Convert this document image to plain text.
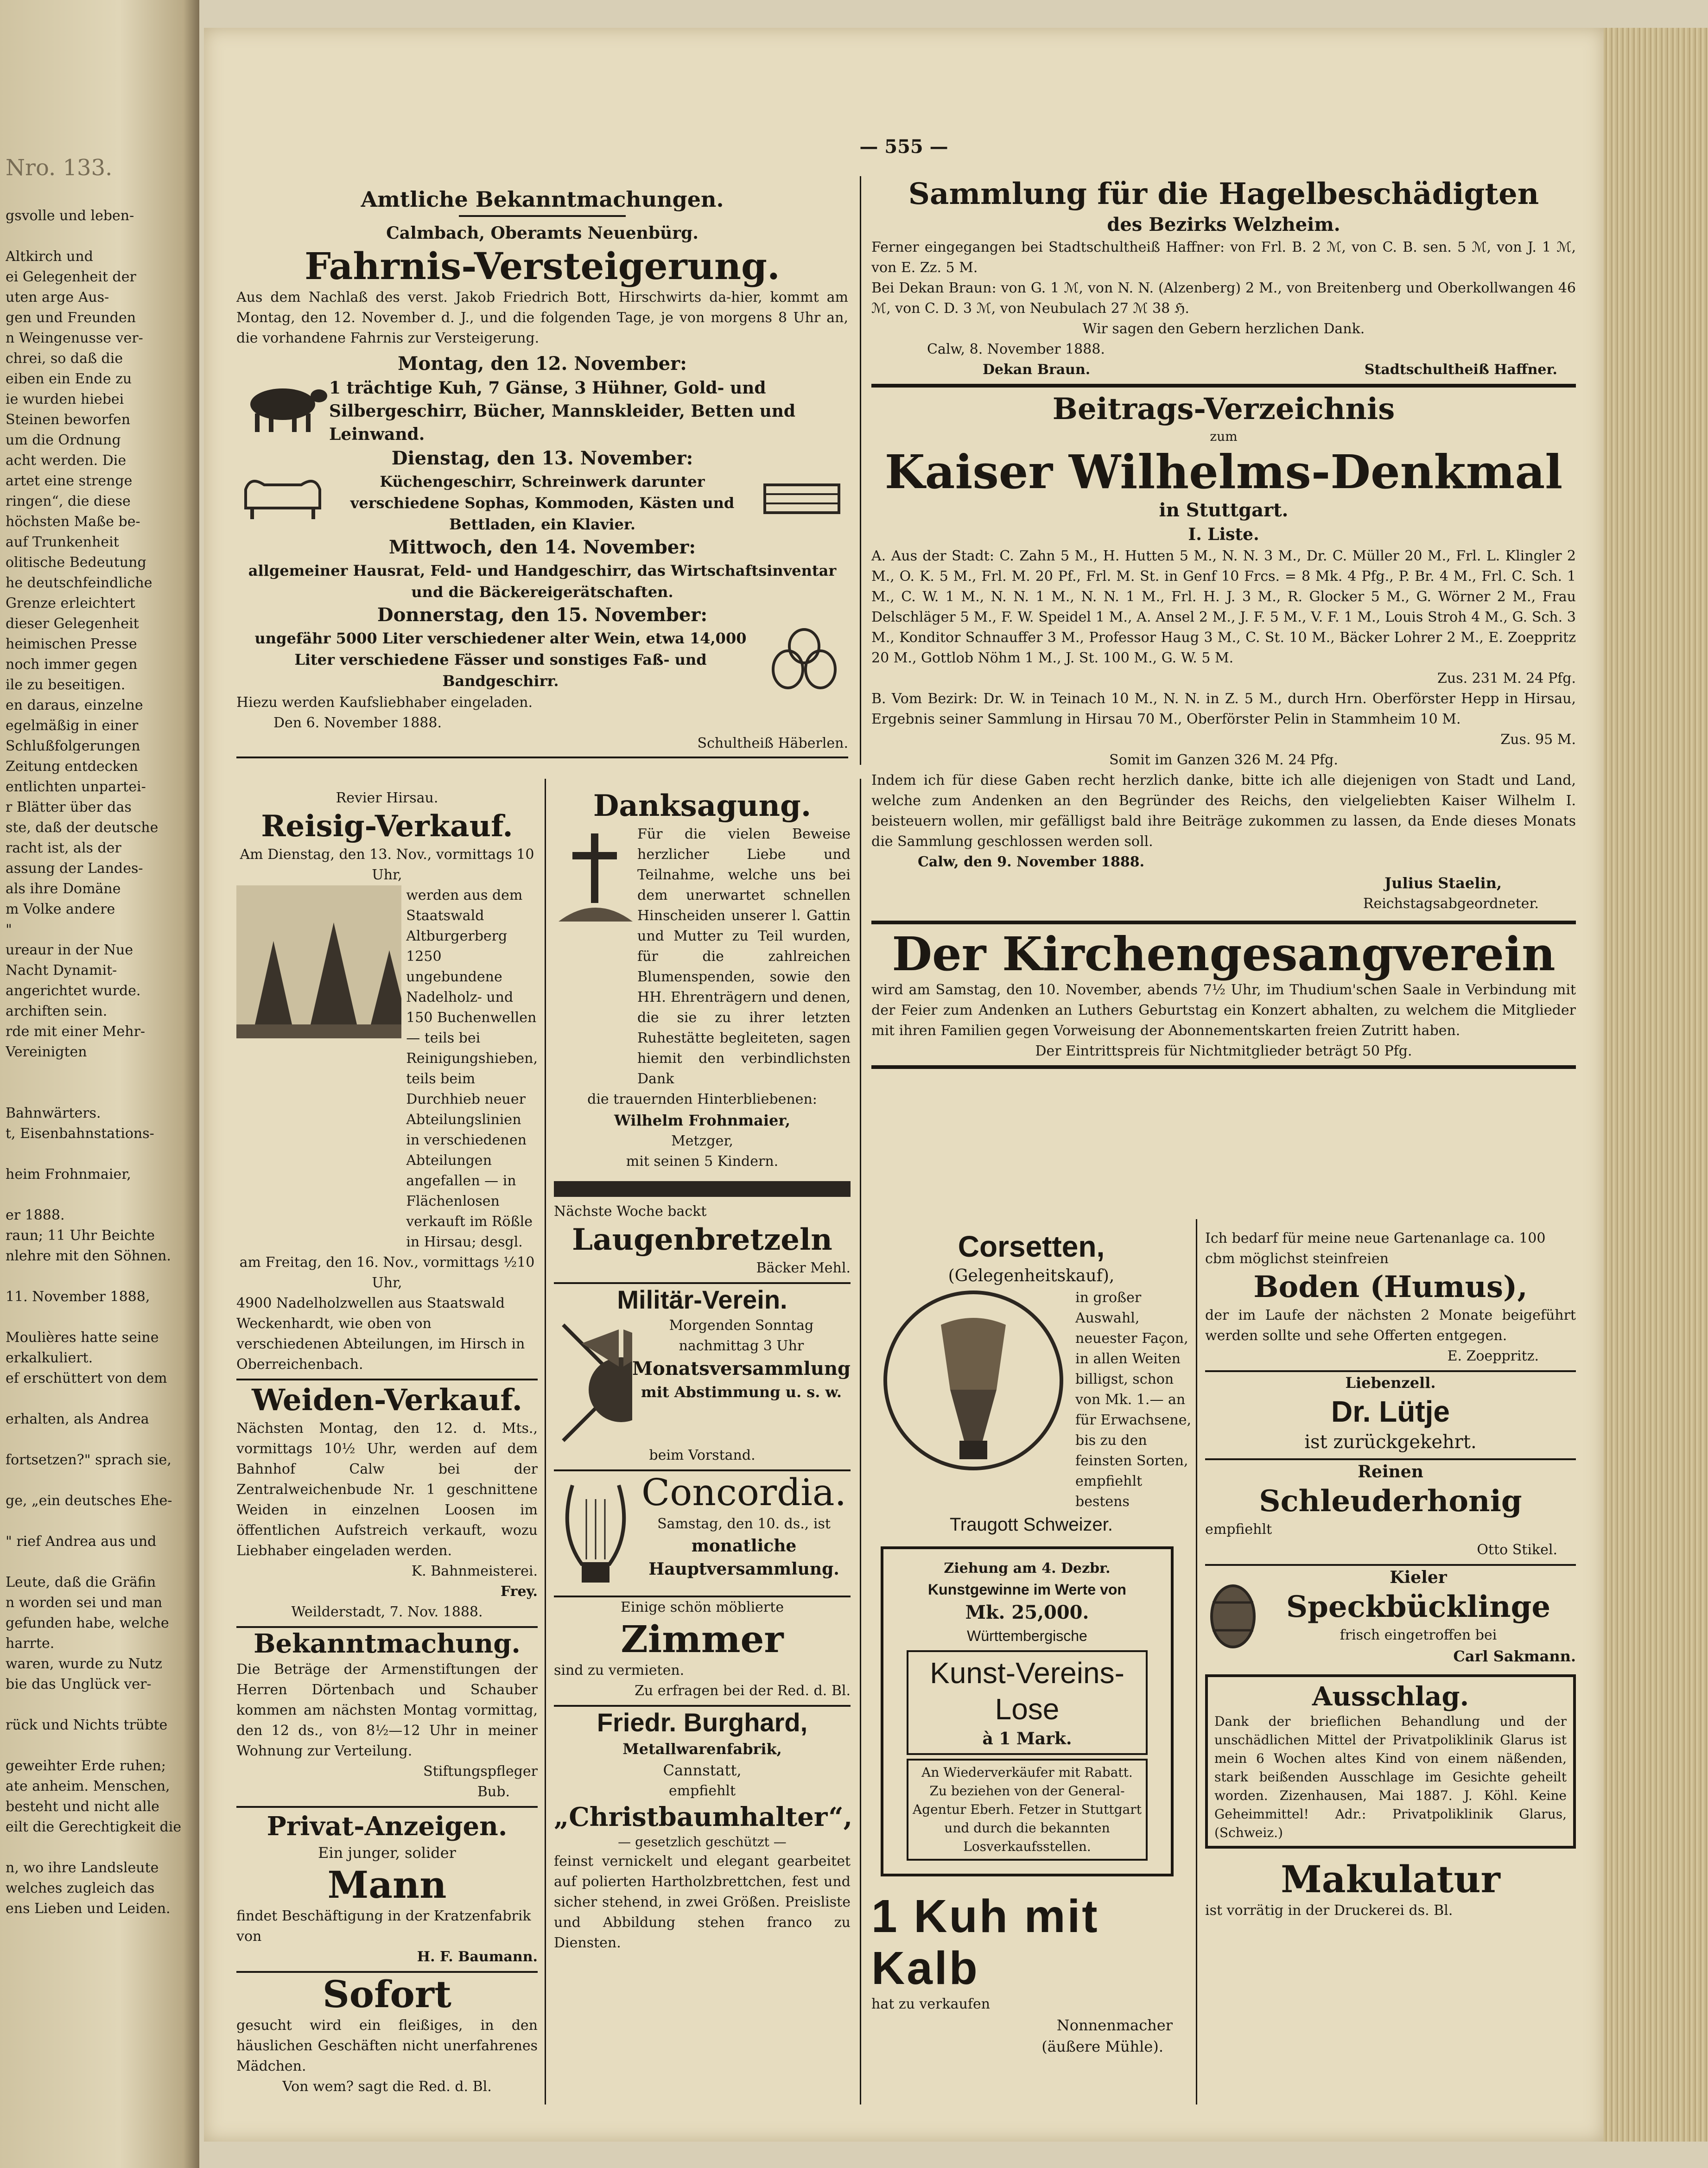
Nro. 133.

gsvolle und leben-

Altkirch und

ei Gelegenheit der

uten arge Aus-

gen und Freunden

n Weingenusse ver-

chrei, so daß die

eiben ein Ende zu

ie wurden hiebei

Steinen beworfen

um die Ordnung

acht werden. Die

artet eine strenge

ringen“, die diese

höchsten Maße be-

auf Trunkenheit

olitische Bedeutung

he deutschfeindliche

Grenze erleichtert

dieser Gelegenheit

heimischen Presse

noch immer gegen

ile zu beseitigen.

en daraus, einzelne

egelmäßig in einer

Schlußfolgerungen

Zeitung entdecken

entlichten unpartei-

r Blätter über das

ste, daß der deutsche

racht ist, als der

assung der Landes-

als ihre Domäne

m Volke andere

"

ureaur in der Nue

Nacht Dynamit-

angerichtet wurde.

archiften sein.

rde mit einer Mehr-

Vereinigten

Bahnwärters.

t, Eisenbahnstations-

heim Frohnmaier,

er 1888.

raun; 11 Uhr Beichte

nlehre mit den Söhnen.

11. November 1888,

Moulières hatte seine

erkalkuliert.

ef erschüttert von dem

erhalten, als Andrea

fortsetzen?" sprach sie,

ge, „ein deutsches Ehe-

" rief Andrea aus und

Leute, daß die Gräfin

n worden sei und man

gefunden habe, welche

harrte.

waren, wurde zu Nutz

bie das Unglück ver-

rück und Nichts trübte

geweihter Erde ruhen;

ate anheim. Menschen,

besteht und nicht alle

eilt die Gerechtigkeit die

n, wo ihre Landsleute

welches zugleich das

ens Lieben und Leiden.

— 555 —

Amtliche Bekanntmachungen.

Calmbach, Oberamts Neuenbürg.

Fahrnis-Versteigerung.

Aus dem Nachlaß des verst. Jakob Friedrich Bott, Hirschwirts da-hier, kommt am Montag, den 12. November d. J., und die folgenden Tage, je von morgens 8 Uhr an, die vorhandene Fahrnis zur Versteigerung.

Montag, den 12. November:

1 trächtige Kuh, 7 Gänse, 3 Hühner, Gold- und Silbergeschirr, Bücher, Mannskleider, Betten und Leinwand.

Dienstag, den 13. November:

Küchengeschirr, Schreinwerk darunter verschiedene Sophas, Kommoden, Kästen und Bettladen, ein Klavier.

Mittwoch, den 14. November:

allgemeiner Hausrat, Feld- und Handgeschirr, das Wirtschaftsinventar und die Bäckereigerätschaften.

Donnerstag, den 15. November:

ungefähr 5000 Liter verschiedener alter Wein, etwa 14,000 Liter verschiedene Fässer und sonstiges Faß- und Bandgeschirr.

Hiezu werden Kaufsliebhaber eingeladen.

Den 6. November 1888.

Schultheiß Häberlen.

Revier Hirsau.

Reisig-Verkauf.

Am Dienstag, den 13. Nov., vormittags 10 Uhr,

werden aus dem Staatswald Altburgerberg 1250 ungebundene Nadelholz- und 150 Buchenwellen — teils bei Reinigungshieben, teils beim Durchhieb neuer Abteilungslinien in verschiedenen Abteilungen angefallen — in Flächenlosen verkauft im Rößle in Hirsau; desgl.

am Freitag, den 16. Nov., vormittags ½10 Uhr,

4900 Nadelholzwellen aus Staatswald Weckenhardt, wie oben von verschiedenen Abteilungen, im Hirsch in Oberreichenbach.

Weiden-Verkauf.

Nächsten Montag, den 12. d. Mts., vormittags 10½ Uhr, werden auf dem Bahnhof Calw bei der Zentralweichenbude Nr. 1 geschnittene Weiden in einzelnen Loosen im öffentlichen Aufstreich verkauft, wozu Liebhaber eingeladen werden.

K. Bahnmeisterei.

Frey.

Weilderstadt, 7. Nov. 1888.

Bekanntmachung.

Die Beträge der Armenstiftungen der Herren Dörtenbach und Schauber kommen am nächsten Montag vormittag, den 12 ds., von 8½—12 Uhr in meiner Wohnung zur Verteilung.

Stiftungspfleger

Bub.

Privat-Anzeigen.

Ein junger, solider

Mann

findet Beschäftigung in der Kratzenfabrik von

H. F. Baumann.

Sofort

gesucht wird ein fleißiges, in den häuslichen Geschäften nicht unerfahrenes Mädchen.

Von wem? sagt die Red. d. Bl.

Danksagung.

Für die vielen Beweise herzlicher Liebe und Teilnahme, welche uns bei dem unerwartet schnellen Hinscheiden unserer l. Gattin und Mutter zu Teil wurden, für die zahlreichen Blumenspenden, sowie den HH. Ehrenträgern und denen, die sie zu ihrer letzten Ruhestätte begleiteten, sagen hiemit den verbindlichsten Dank

die trauernden Hinterbliebenen:

Wilhelm Frohnmaier,

Metzger,

mit seinen 5 Kindern.

Nächste Woche backt

Laugenbretzeln

Bäcker Mehl.

Militär-Verein.

Morgenden Sonntag nachmittag 3 Uhr

Monatsversammlung

mit Abstimmung u. s. w.

beim Vorstand.

Concordia.

Samstag, den 10. ds., ist

monatliche

Hauptversammlung.

Einige schön möblierte

Zimmer

sind zu vermieten.

Zu erfragen bei der Red. d. Bl.

Friedr. Burghard,

Metallwarenfabrik,

Cannstatt,

empfiehlt

„Christbaumhalter“,

— gesetzlich geschützt —

feinst vernickelt und elegant gearbeitet auf polierten Hartholzbrettchen, fest und sicher stehend, in zwei Größen. Preisliste und Abbildung stehen franco zu Diensten.

Sammlung für die Hagelbeschädigten

des Bezirks Welzheim.

Ferner eingegangen bei Stadtschultheiß Haffner: von Frl. B. 2 ℳ, von C. B. sen. 5 ℳ, von J. 1 ℳ, von E. Zz. 5 M.

Bei Dekan Braun: von G. 1 ℳ, von N. N. (Alzenberg) 2 M., von Breitenberg und Oberkollwangen 46 ℳ, von C. D. 3 ℳ, von Neubulach 27 ℳ 38 ℌ.

Wir sagen den Gebern herzlichen Dank.

Calw, 8. November 1888.

Dekan Braun.	Stadtschultheiß Haffner.

Beitrags-Verzeichnis

zum

Kaiser Wilhelms-Denkmal

in Stuttgart.

I. Liste.

A. Aus der Stadt: C. Zahn 5 M., H. Hutten 5 M., N. N. 3 M., Dr. C. Müller 20 M., Frl. L. Klingler 2 M., O. K. 5 M., Frl. M. 20 Pf., Frl. M. St. in Genf 10 Frcs. = 8 Mk. 4 Pfg., P. Br. 4 M., Frl. C. Sch. 1 M., C. W. 1 M., N. N. 1 M., N. N. 1 M., Frl. H. J. 3 M., R. Glocker 5 M., G. Wörner 2 M., Frau Delschläger 5 M., F. W. Speidel 1 M., A. Ansel 2 M., J. F. 5 M., V. F. 1 M., Louis Stroh 4 M., G. Sch. 3 M., Konditor Schnauffer 3 M., Professor Haug 3 M., C. St. 10 M., Bäcker Lohrer 2 M., E. Zoeppritz 20 M., Gottlob Nöhm 1 M., J. St. 100 M., G. W. 5 M.

Zus. 231 M. 24 Pfg.

B. Vom Bezirk: Dr. W. in Teinach 10 M., N. N. in Z. 5 M., durch Hrn. Oberförster Hepp in Hirsau, Ergebnis seiner Sammlung in Hirsau 70 M., Oberförster Pelin in Stammheim 10 M.

Zus. 95 M.

Somit im Ganzen 326 M. 24 Pfg.

Indem ich für diese Gaben recht herzlich danke, bitte ich alle diejenigen von Stadt und Land, welche zum Andenken an den Begründer des Reichs, den vielgeliebten Kaiser Wilhelm I. beisteuern wollen, mir gefälligst bald ihre Beiträge zukommen zu lassen, da Ende dieses Monats die Sammlung geschlossen werden soll.

Calw, den 9. November 1888.

Julius Staelin,

Reichstagsabgeordneter.

Der Kirchengesangverein

wird am Samstag, den 10. November, abends 7½ Uhr, im Thudium'schen Saale in Verbindung mit der Feier zum Andenken an Luthers Geburtstag ein Konzert abhalten, zu welchem die Mitglieder mit ihren Familien gegen Vorweisung der Abonnementskarten freien Zutritt haben.

Der Eintrittspreis für Nichtmitglieder beträgt 50 Pfg.

Corsetten,

(Gelegenheitskauf),

in großer Auswahl, neuester Façon, in allen Weiten billigst, schon von Mk. 1.— an für Erwachsene, bis zu den feinsten Sorten, empfiehlt bestens

Traugott Schweizer.

Ziehung am 4. Dezbr.

Kunstgewinne im Werte von

Mk. 25,000.

Württembergische

Kunst-Vereins-

Lose

à 1 Mark.

An Wiederverkäufer mit Rabatt. Zu beziehen von der General-Agentur Eberh. Fetzer in Stuttgart und durch die bekannten Losverkaufsstellen.

1 Kuh mit Kalb

hat zu verkaufen

Nonnenmacher

(äußere Mühle).

Ich bedarf für meine neue Gartenanlage ca. 100 cbm möglichst steinfreien

Boden (Humus),

der im Laufe der nächsten 2 Monate beigeführt werden sollte und sehe Offerten entgegen.

E. Zoeppritz.

Liebenzell.

Dr. Lütje

ist zurückgekehrt.

Reinen

Schleuderhonig

empfiehlt

Otto Stikel.

Kieler

Speckbücklinge

frisch eingetroffen bei

Carl Sakmann.

Ausschlag.

Dank der brieflichen Behandlung und der unschädlichen Mittel der Privatpoliklinik Glarus ist mein 6 Wochen altes Kind von einem näßenden, stark beißenden Ausschlage im Gesichte geheilt worden. Zizenhausen, Mai 1887. J. Köhl. Keine Geheimmittel! Adr.: Privatpoliklinik Glarus, (Schweiz.)

Makulatur

ist vorrätig in der Druckerei ds. Bl.
